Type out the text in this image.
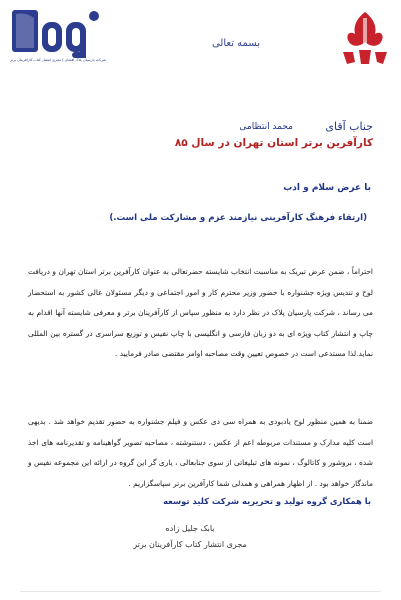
شرکت پارسیان پلاک افشان | مجری انتشار کتاب کارآفرینان برتر
بسمه تعالی
جناب آقای
محمد انتظامی
کارآفرین برتر استان تهران در سال ۸۵
با عرض سلام و ادب
(ارتقاء فرهنگ کارآفرینی نیازمند عزم و مشارکت ملی است.)
احتراماً ، ضمن عرض تبریک به مناسبت انتخاب شایسته حضرتعالی به عنوان کارآفرین برتر استان تهران و دریافت لوح و تندیس ویژه جشنواره با حضور وزیر محترم کار و امور اجتماعی و دیگر مسئولان عالی کشور به استحضار می رساند ، شرکت پارسیان پلاک در نظر دارد به منظور سپاس از کارآفرینان برتر و معرفی شایسته آنها اقدام به چاپ و انتشار کتاب ویژه ای به دو زبان فارسی و انگلیسی با چاپ نفیس و توزیع سراسری در گستره بین المللی نماید.لذا مستدعی است در خصوص تعیین وقت مصاحبه اوامر مقتضی صادر فرمایید .
ضمنا به همین منظور لوح یادبودی به همراه سی دی عکس و فیلم جشنواره به حضور تقدیم خواهد شد . بدیهی است کلیه مدارک و مستندات مربوطه اعم از عکس ، دستنوشته ، مصاحبه تصویر گواهینامه و تقدیرنامه های اخذ شده ، بروشور و کاتالوگ ، نمونه های تبلیغاتی از سوی جنابعالی ، یاری گر این گروه در ارائه این مجموعه نفیس و ماندگار خواهد بود . از اظهار همراهی و همدلی شما کارآفرین برتر سپاسگزاریم .
با همکاری گروه تولید و تحریریه شرکت کلید توسعه
بابک جلیل زاده
مجری انتشار کتاب کارآفرینان برتر
